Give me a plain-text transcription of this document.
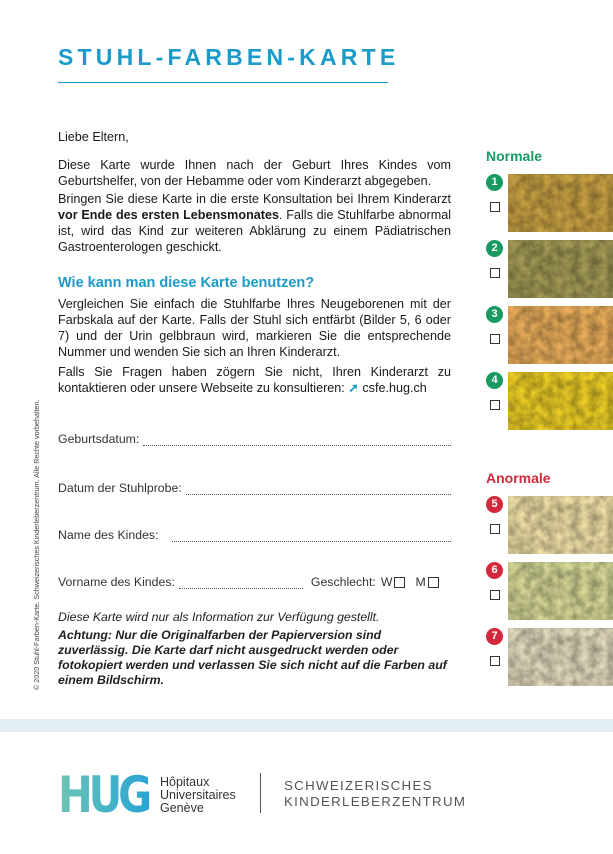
STUHL-FARBEN-KARTE
© 2020 Stuhl-Farben-Karte. Schweizerisches Kinderleberzentrum. Alle Rechte vorbehalten.

Liebe Eltern,

Diese Karte wurde Ihnen nach der Geburt Ihres Kindes vom Geburtshelfer, von der Hebamme oder vom Kinderarzt abgegeben.

Bringen Sie diese Karte in die erste Konsultation bei Ihrem Kinderarzt vor Ende des ersten Lebensmonates. Falls die Stuhlfarbe abnormal ist, wird das Kind zur weiteren Abklärung zu einem Pädiatrischen Gastroenterologen geschickt.

Wie kann man diese Karte benutzen?

Vergleichen Sie einfach die Stuhlfarbe Ihres Neugeborenen mit der Farbskala auf der Karte. Falls der Stuhl sich entfärbt (Bilder 5, 6 oder 7) und der Urin gelbbraun wird, markieren Sie die entsprechende Nummer und wenden Sie sich an Ihren Kinderarzt.

Falls Sie Fragen haben zögern Sie nicht, Ihren Kinderarzt zu kontaktieren oder unsere Webseite zu konsultieren: ➚ csfe.hug.ch

Geburtsdatum:
Datum der Stuhlprobe:
Name des Kindes:
Vorname des Kindes:	Geschlecht: W M

Diese Karte wird nur als Information zur Verfügung gestellt.

Achtung: Nur die Originalfarben der Papierversion sind zuverlässig. Die Karte darf nicht ausgedruckt werden oder fotokopiert werden und verlassen Sie sich nicht auf die Farben auf einem Bildschirm.

Normale
1
2
3
4
Anormale
5
6
7
HUG Hôpitaux
Universitaires
Genève

SCHWEIZERISCHES
KINDERLEBERZENTRUM
